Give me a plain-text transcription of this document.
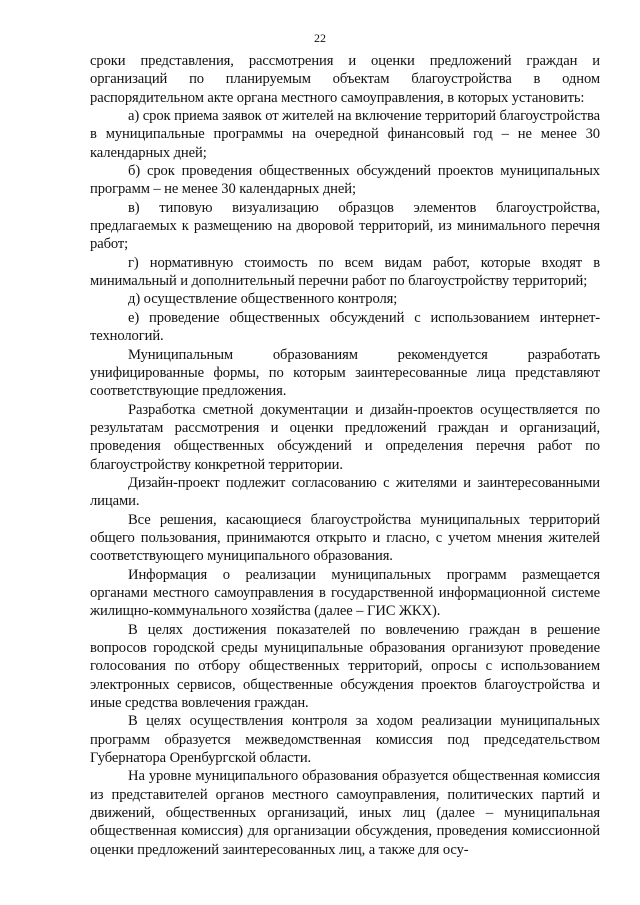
22

сроки представления, рассмотрения и оценки предложений граждан и организаций по планируемым объектам благоустройства в одном распорядительном акте органа местного самоуправления, в которых установить:

а) срок приема заявок от жителей на включение территорий благоустройства в муниципальные программы на очередной финансовый год – не менее 30 календарных дней;

б) срок проведения общественных обсуждений проектов муниципальных программ – не менее 30 календарных дней;

в) типовую визуализацию образцов элементов благоустройства, предлагаемых к размещению на дворовой территорий, из минимального перечня работ;

г) нормативную стоимость по всем видам работ, которые входят в минимальный и дополнительный перечни работ по благоустройству территорий;

д) осуществление общественного контроля;

е) проведение общественных обсуждений с использованием интернет-технологий.

Муниципальным образованиям рекомендуется разработать унифицированные формы, по которым заинтересованные лица представляют соответствующие предложения.

Разработка сметной документации и дизайн-проектов осуществляется по результатам рассмотрения и оценки предложений граждан и организаций, проведения общественных обсуждений и определения перечня работ по благоустройству конкретной территории.

Дизайн-проект подлежит согласованию с жителями и заинтересованными лицами.

Все решения, касающиеся благоустройства муниципальных территорий общего пользования, принимаются открыто и гласно, с учетом мнения жителей соответствующего муниципального образования.

Информация о реализации муниципальных программ размещается органами местного самоуправления в государственной информационной системе жилищно-коммунального хозяйства (далее – ГИС ЖКХ).

В целях достижения показателей по вовлечению граждан в решение вопросов городской среды муниципальные образования организуют проведение голосования по отбору общественных территорий, опросы с использованием электронных сервисов, общественные обсуждения проектов благоустройства и иные средства вовлечения граждан.

В целях осуществления контроля за ходом реализации муниципальных программ образуется межведомственная комиссия под председательством Губернатора Оренбургской области.

На уровне муниципального образования образуется общественная комиссия из представителей органов местного самоуправления, политических партий и движений, общественных организаций, иных лиц (далее – муниципальная общественная комиссия) для организации обсуждения, проведения комиссионной оценки предложений заинтересованных лиц, а также для осу-
